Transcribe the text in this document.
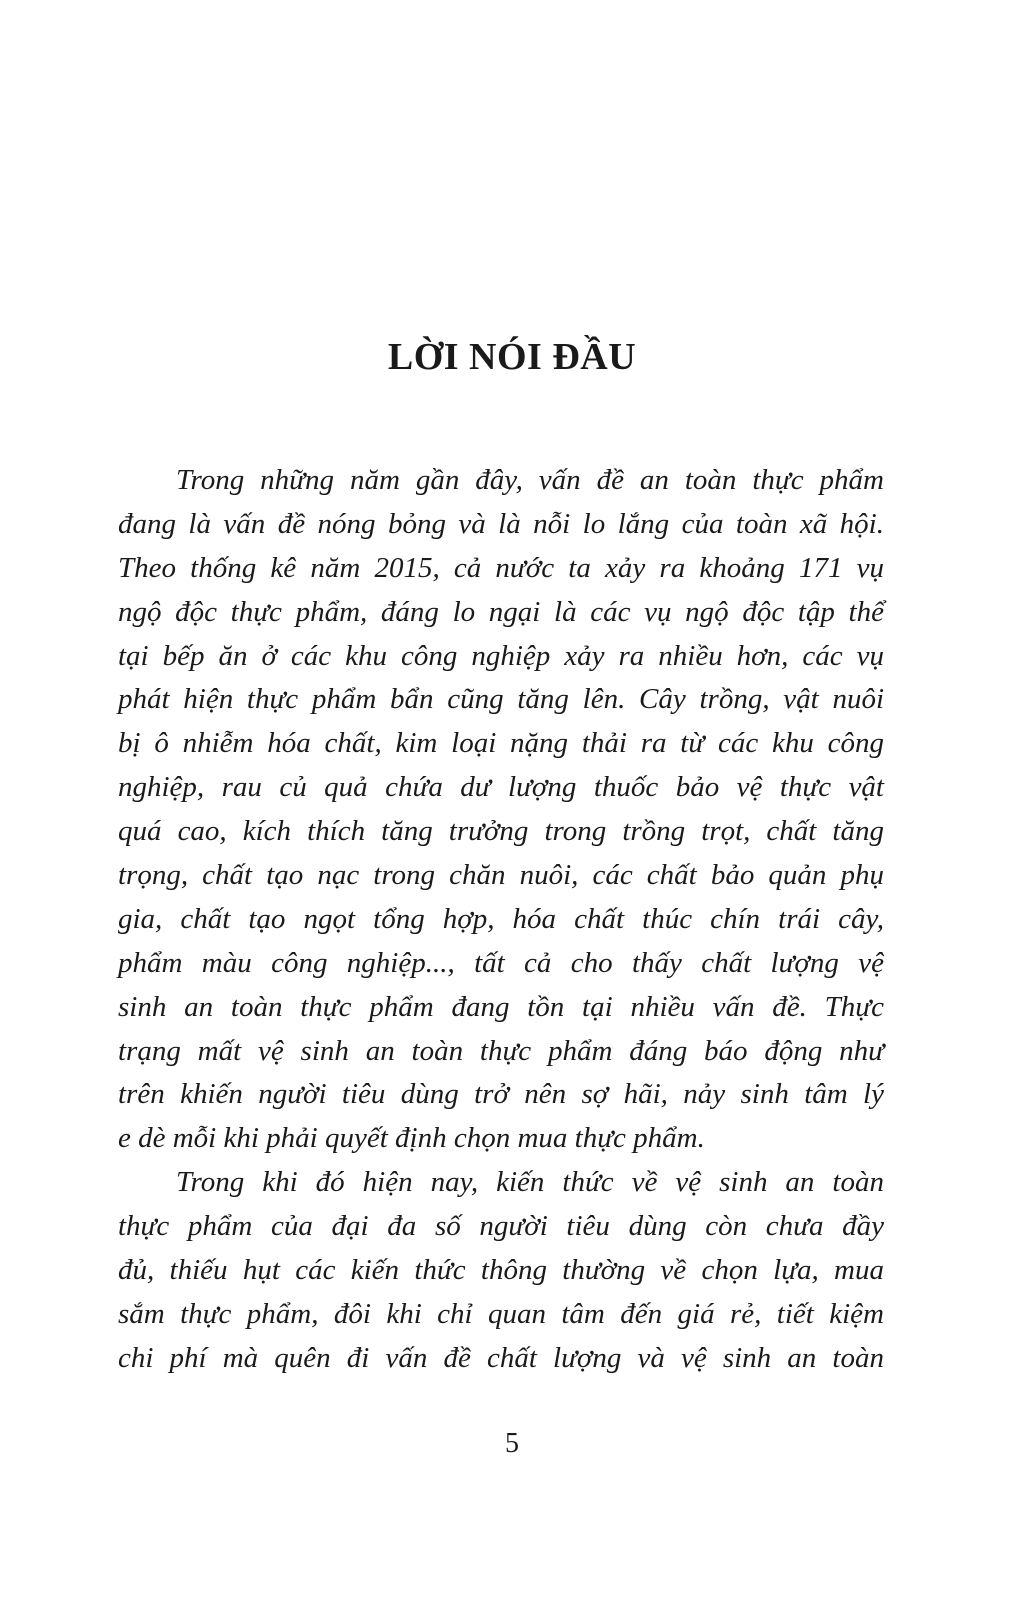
LỜI NÓI ĐẦU
Trong những năm gần đây, vấn đề an toàn thực phẩm
đang là vấn đề nóng bỏng và là nỗi lo lắng của toàn xã hội.
Theo thống kê năm 2015, cả nước ta xảy ra khoảng 171 vụ
ngộ độc thực phẩm, đáng lo ngại là các vụ ngộ độc tập thể
tại bếp ăn ở các khu công nghiệp xảy ra nhiều hơn, các vụ
phát hiện thực phẩm bẩn cũng tăng lên. Cây trồng, vật nuôi
bị ô nhiễm hóa chất, kim loại nặng thải ra từ các khu công
nghiệp, rau củ quả chứa dư lượng thuốc bảo vệ thực vật
quá cao, kích thích tăng trưởng trong trồng trọt, chất tăng
trọng, chất tạo nạc trong chăn nuôi, các chất bảo quản phụ
gia, chất tạo ngọt tổng hợp, hóa chất thúc chín trái cây,
phẩm màu công nghiệp..., tất cả cho thấy chất lượng vệ
sinh an toàn thực phẩm đang tồn tại nhiều vấn đề. Thực
trạng mất vệ sinh an toàn thực phẩm đáng báo động như
trên khiến người tiêu dùng trở nên sợ hãi, nảy sinh tâm lý
e dè mỗi khi phải quyết định chọn mua thực phẩm.
Trong khi đó hiện nay, kiến thức về vệ sinh an toàn
thực phẩm của đại đa số người tiêu dùng còn chưa đầy
đủ, thiếu hụt các kiến thức thông thường về chọn lựa, mua
sắm thực phẩm, đôi khi chỉ quan tâm đến giá rẻ, tiết kiệm
chi phí mà quên đi vấn đề chất lượng và vệ sinh an toàn
5
